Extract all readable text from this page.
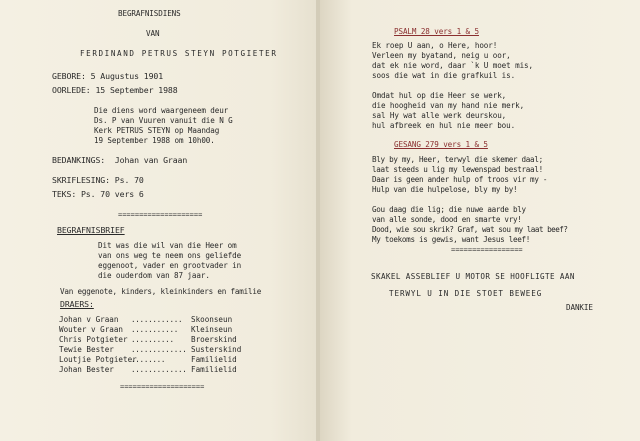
BEGRAFNISDIENS
VAN
FERDINAND PETRUS STEYN POTGIETER
GEBORE: 5 Augustus 1901
OORLEDE: 15 September 1988
Die diens word waargeneem deur
Ds. P van Vuuren vanuit die N G
Kerk PETRUS STEYN op Maandag
19 September 1988 om 10h00.
BEDANKINGS:  Johan van Graan
SKRIFLESING: Ps. 70
TEKS: Ps. 70 vers 6
====================
BEGRAFNISBRIEF
Dit was die wil van die Heer om
van ons weg te neem ons geliefde
eggenoot, vader en grootvader in
die ouderdom van 87 jaar.
Van eggenote, kinders, kleinkinders en familie
DRAERS:
Johan v Graan ............ Skoonseun
Wouter v Graan ........... Kleinseun
Chris Potgieter .......... Broerskind
Tewie Bester ............. Susterskind
Loutjie Potgieter........	Familielid
Johan Bester ............. Familielid
====================
PSALM 28 vers 1 & 5
Ek roep U aan, o Here, hoor!
Verleen my byatand, neig u oor,
dat ek nie word, daar `k U moet mis,
soos die wat in die grafkuil is.
Omdat hul op die Heer se werk,
die hoogheid van my hand nie merk,
sal Hy wat alle werk deurskou,
hul afbreek en hul nie meer bou.
GESANG 279 vers 1 & 5
Bly by my, Heer, terwyl die skemer daal;
laat steeds u lig my lewenspad bestraal!
Daar is geen ander hulp of troos vir my -
Hulp van die hulpelose, bly my by!
Gou daag die lig; die nuwe aarde bly
van alle sonde, dood en smarte vry!
Dood, wie sou skrik? Graf, wat sou my laat beef?
My toekoms is gewis, want Jesus leef!
=================
SKAKEL ASSEBLIEF U MOTOR SE HOOFLIGTE AAN
TERWYL U IN DIE STOET BEWEEG
DANKIE
